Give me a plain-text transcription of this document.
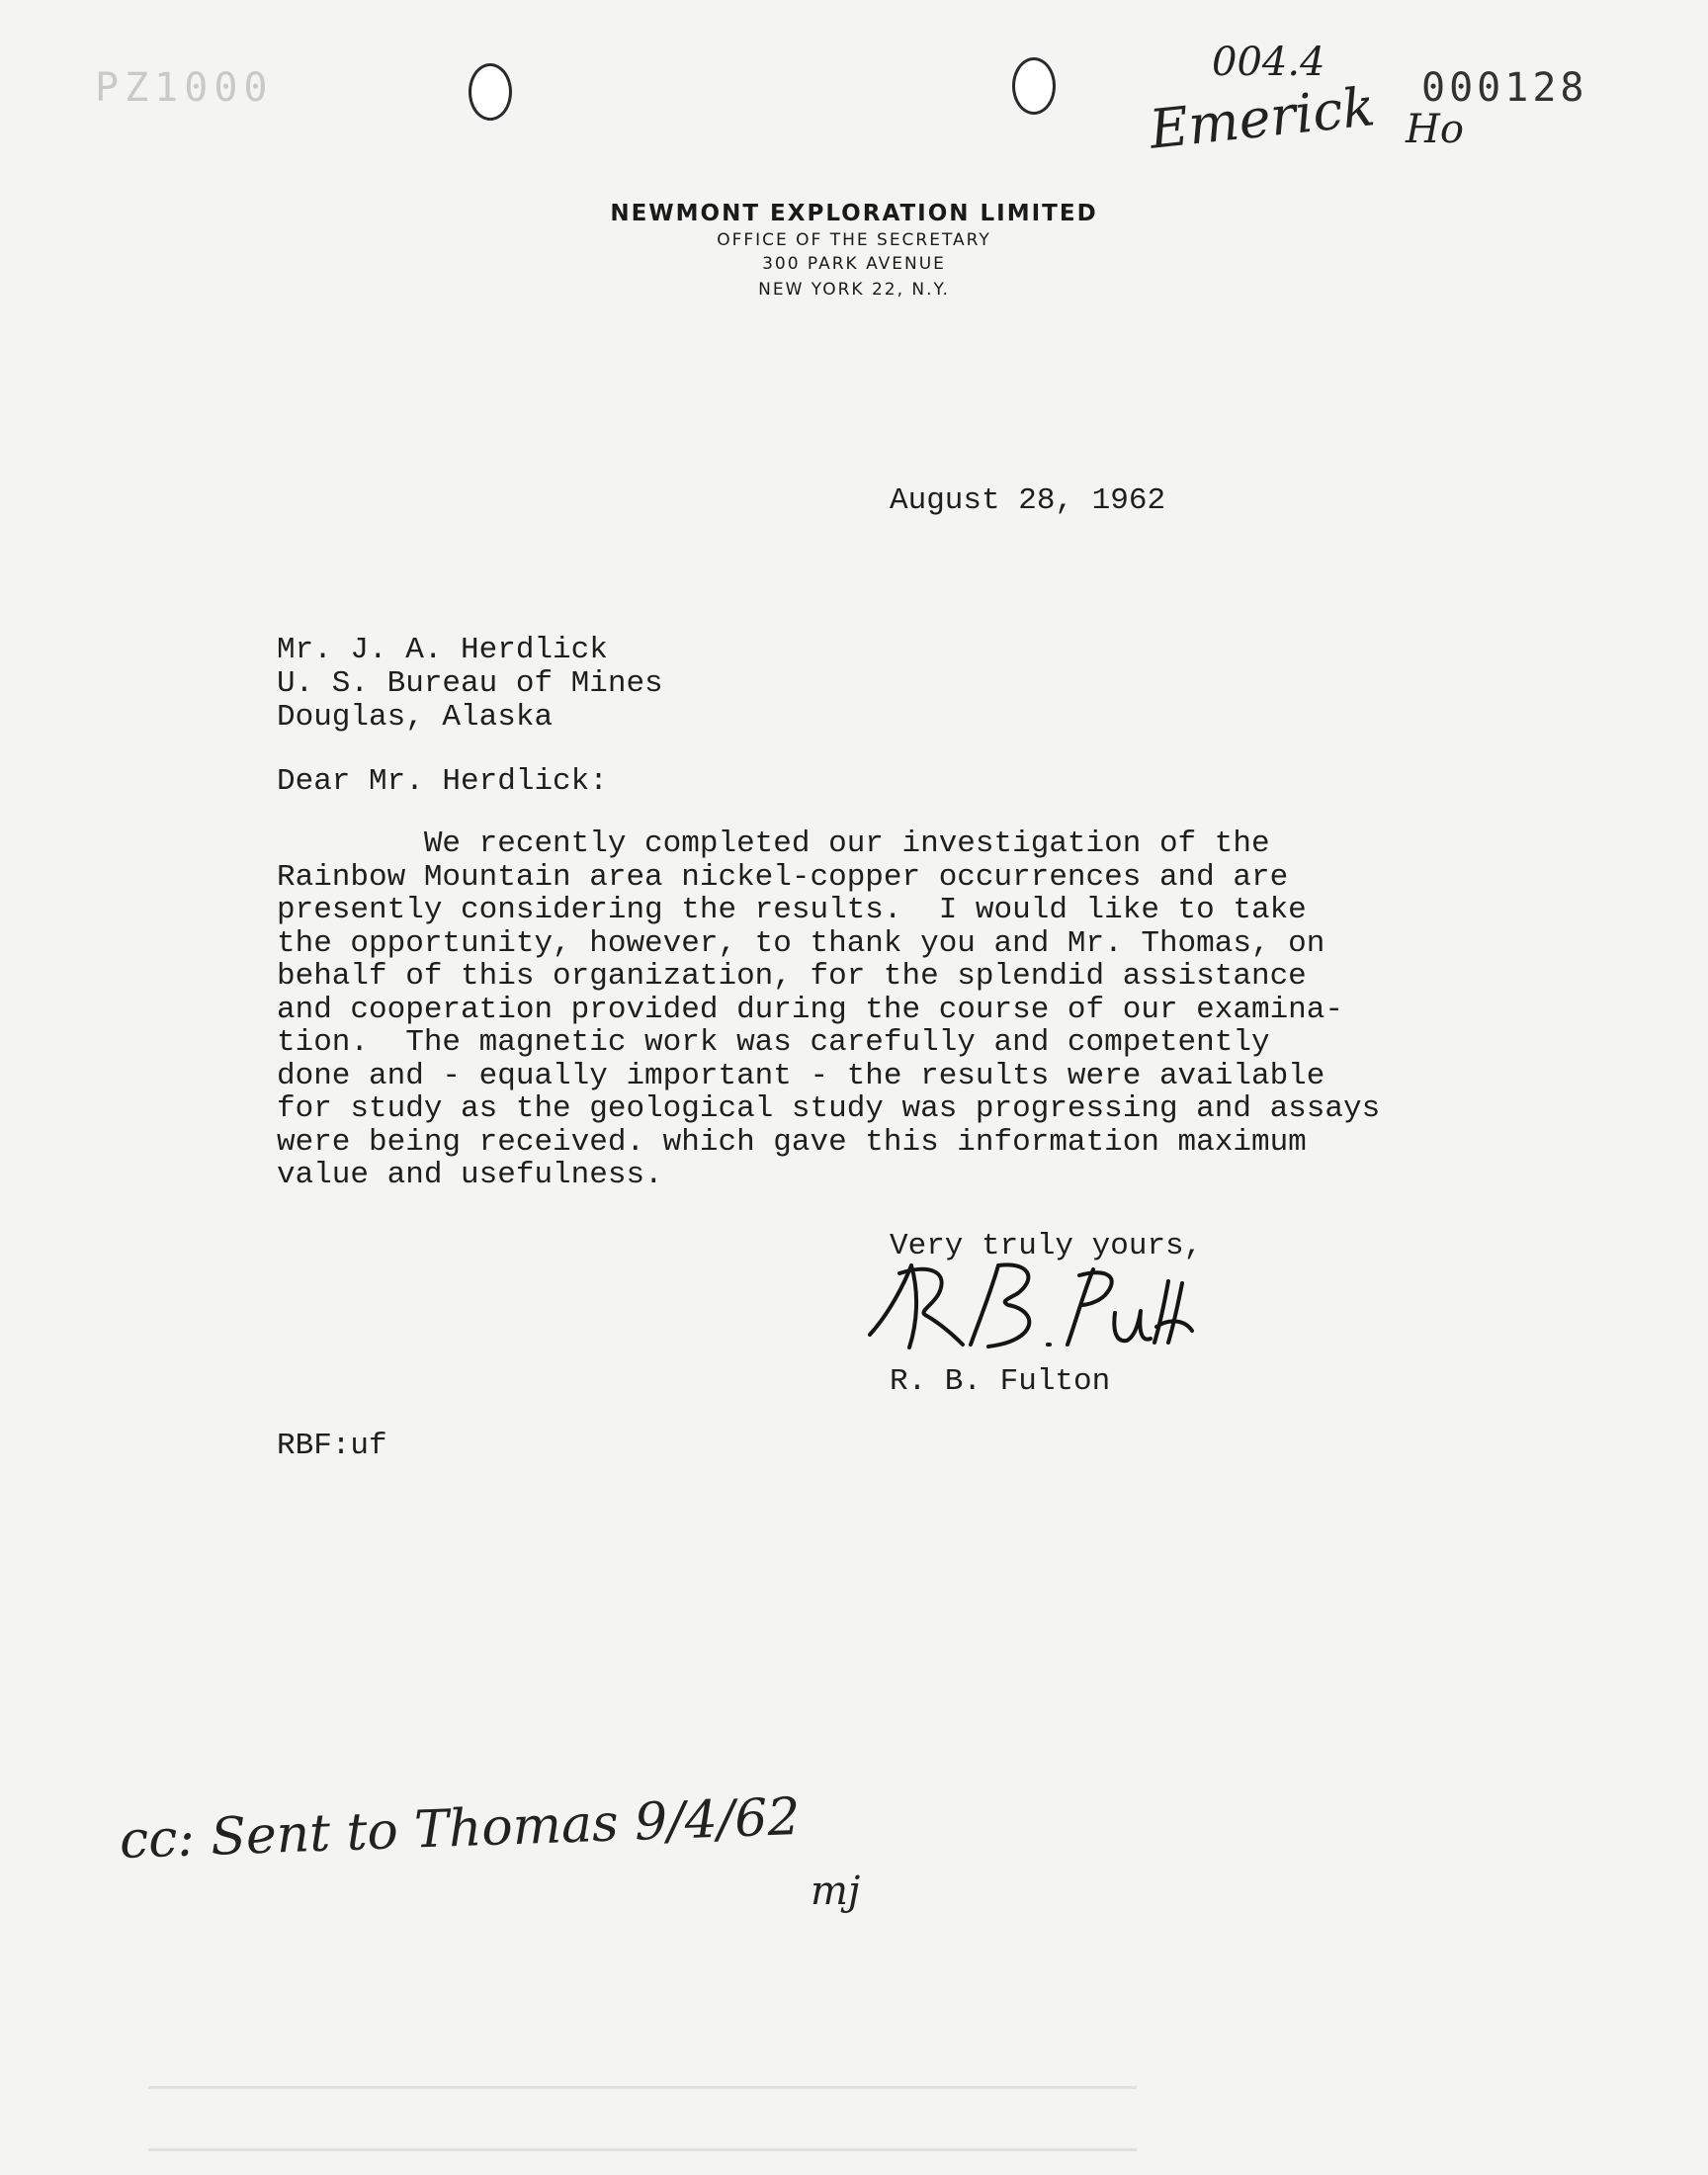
PZ1000	000128
004.4
Emerick Ho
NEWMONT EXPLORATION LIMITED
OFFICE OF THE SECRETARY
300 PARK AVENUE
NEW YORK 22, N.Y.
August 28, 1962
Mr. J. A. Herdlick
U. S. Bureau of Mines
Douglas, Alaska
Dear Mr. Herdlick:
We recently completed our investigation of the
Rainbow Mountain area nickel-copper occurrences and are
presently considering the results.  I would like to take
the opportunity, however, to thank you and Mr. Thomas, on
behalf of this organization, for the splendid assistance
and cooperation provided during the course of our examina-
tion.  The magnetic work was carefully and competently
done and - equally important - the results were available
for study as the geological study was progressing and assays
were being received. which gave this information maximum
value and usefulness.
Very truly yours,
R. B. Fulton
RBF:uf
cc: Sent to Thomas 9/4/62
mj
